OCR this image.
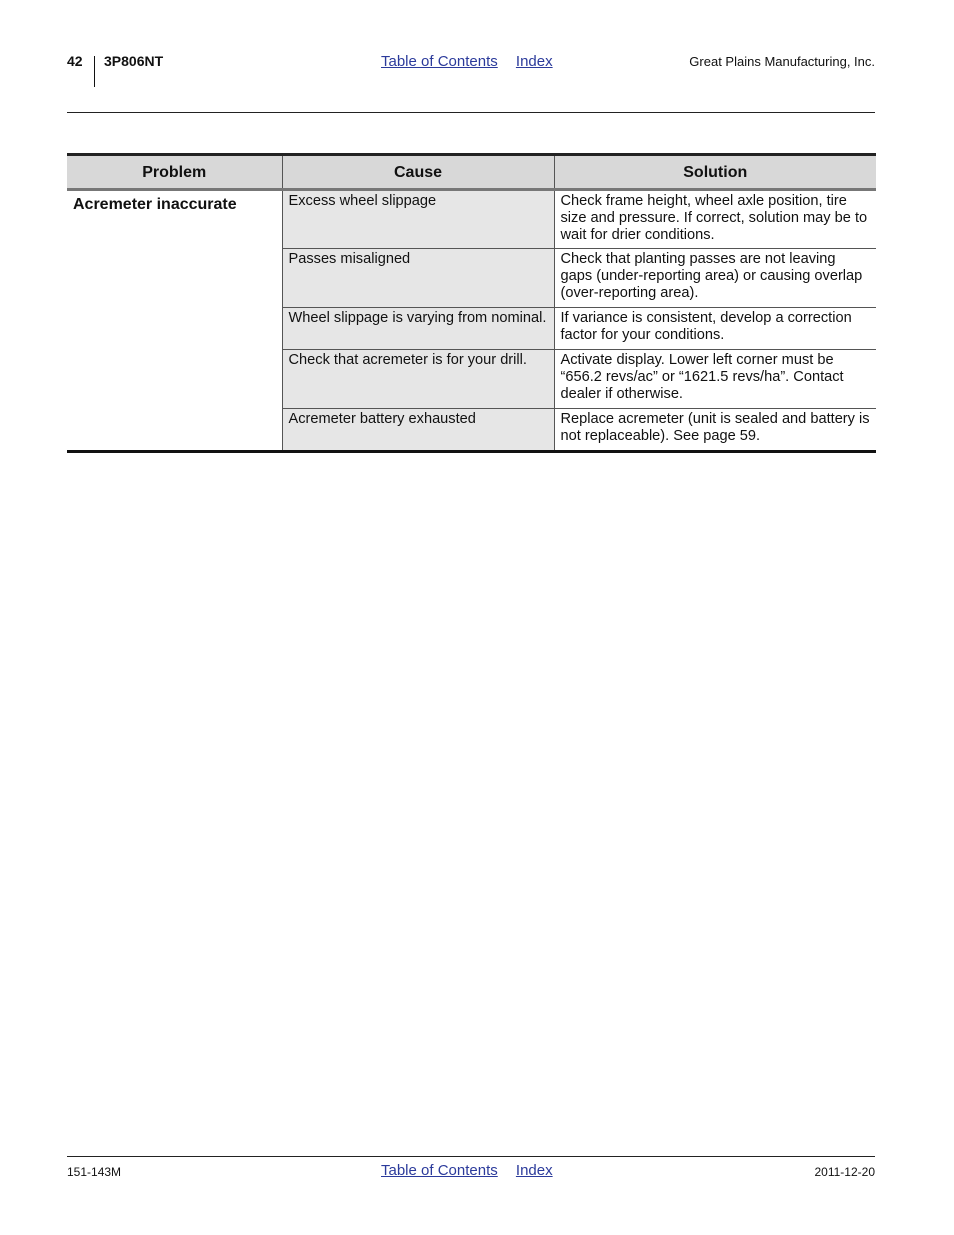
42 3P806NT	Table of Contents Index	Great Plains Manufacturing, Inc.
Problem	Cause	Solution
Acremeter inaccurate	Excess wheel slippage	Check frame height, wheel axle position, tire size and pressure. If correct, solution may be to wait for drier conditions.
	Passes misaligned	Check that planting passes are not leaving gaps (under-reporting area) or causing overlap (over-reporting area).
	Wheel slippage is varying from nominal.	If variance is consistent, develop a correction factor for your conditions.
	Check that acremeter is for your drill.	Activate display. Lower left corner must be “656.2 revs/ac” or “1621.5 revs/ha”. Contact dealer if otherwise.
	Acremeter battery exhausted	Replace acremeter (unit is sealed and battery is not replaceable). See page 59.
151-143M	Table of Contents Index	2011-12-20
